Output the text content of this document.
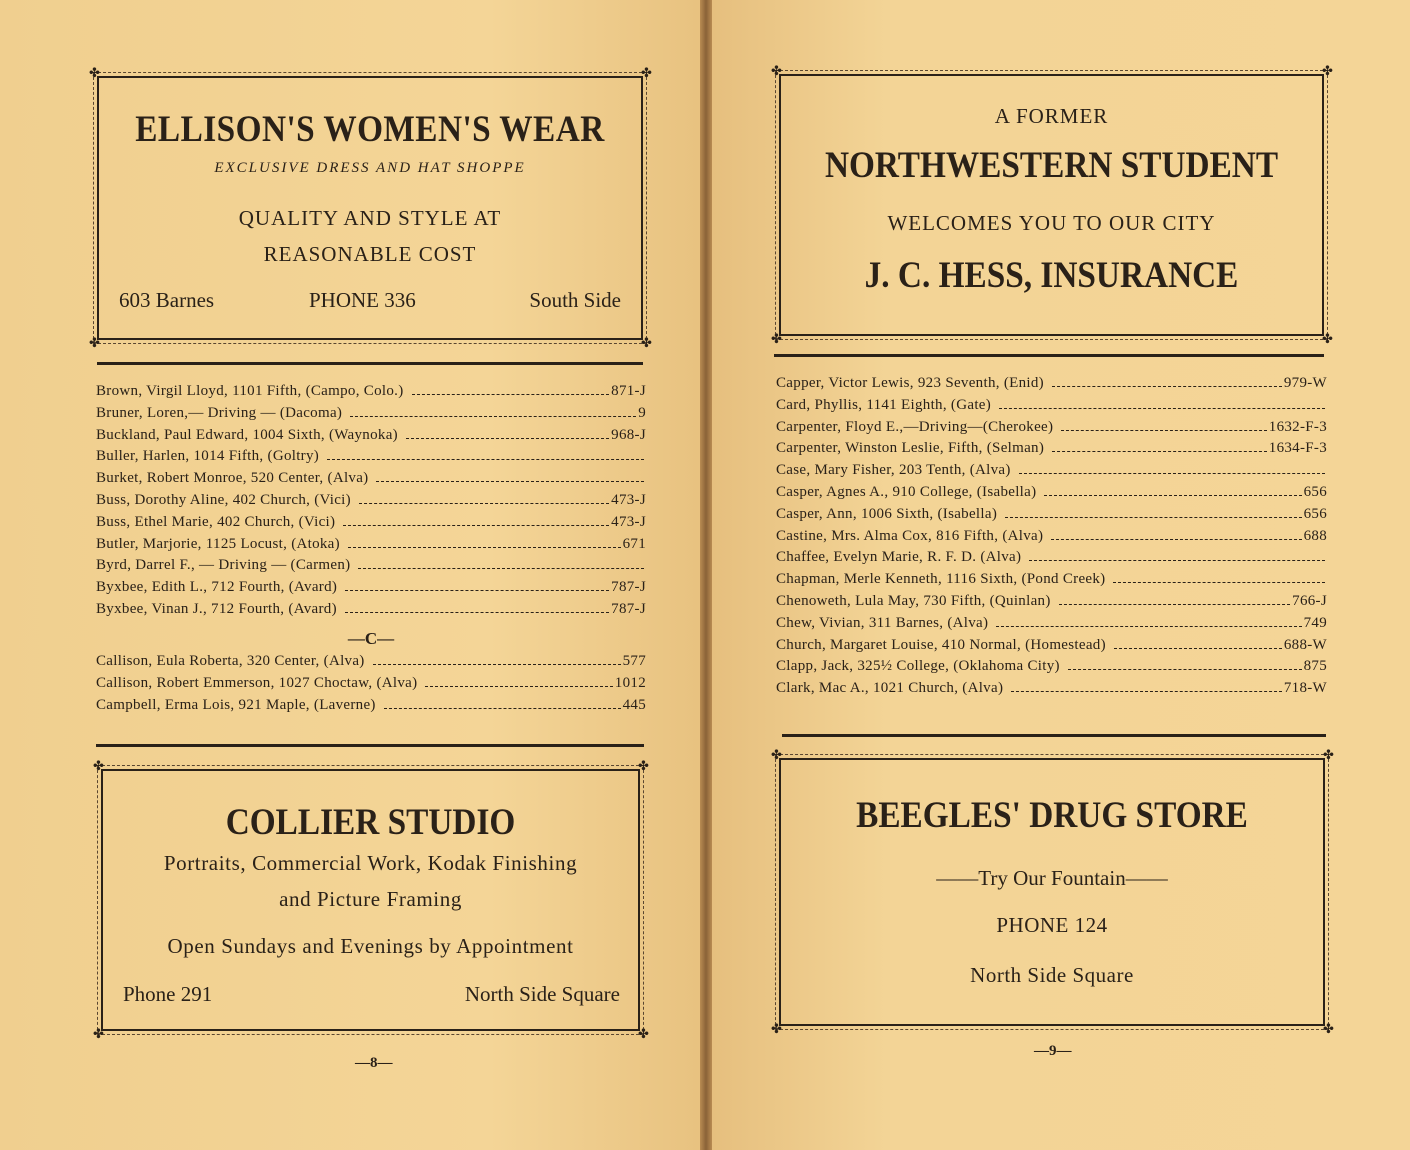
✤	✤
✤	✤
ELLISON'S WOMEN'S WEAR
EXCLUSIVE DRESS AND HAT SHOPPE
QUALITY AND STYLE AT
REASONABLE COST
603 Barnes	PHONE 336	South Side
Brown, Virgil Lloyd, 1101 Fifth, (Campo, Colo.)	871-J
Bruner, Loren,— Driving — (Dacoma)	9
Buckland, Paul Edward, 1004 Sixth, (Waynoka)	968-J
Buller, Harlen, 1014 Fifth, (Goltry)
Burket, Robert Monroe, 520 Center, (Alva)
Buss, Dorothy Aline, 402 Church, (Vici)	473-J
Buss, Ethel Marie, 402 Church, (Vici)	473-J
Butler, Marjorie, 1125 Locust, (Atoka)	671
Byrd, Darrel F., — Driving — (Carmen)
Byxbee, Edith L., 712 Fourth, (Avard)	787-J
Byxbee, Vinan J., 712 Fourth, (Avard)	787-J
—C—
Callison, Eula Roberta, 320 Center, (Alva)	577
Callison, Robert Emmerson, 1027 Choctaw, (Alva)	1012
Campbell, Erma Lois, 921 Maple, (Laverne)	445
✤	✤
✤	✤
COLLIER STUDIO
Portraits, Commercial Work, Kodak Finishing
and Picture Framing
Open Sundays and Evenings by Appointment
Phone 291	North Side Square
—8—
✤	✤
✤	✤
A FORMER
NORTHWESTERN STUDENT
WELCOMES YOU TO OUR CITY
J. C. HESS, INSURANCE
Capper, Victor Lewis, 923 Seventh, (Enid)	979-W
Card, Phyllis, 1141 Eighth, (Gate)
Carpenter, Floyd E.,—Driving—(Cherokee)	1632-F-3
Carpenter, Winston Leslie, Fifth, (Selman)	1634-F-3
Case, Mary Fisher, 203 Tenth, (Alva)
Casper, Agnes A., 910 College, (Isabella)	656
Casper, Ann, 1006 Sixth, (Isabella)	656
Castine, Mrs. Alma Cox, 816 Fifth, (Alva)	688
Chaffee, Evelyn Marie, R. F. D. (Alva)
Chapman, Merle Kenneth, 1116 Sixth, (Pond Creek)
Chenoweth, Lula May, 730 Fifth, (Quinlan)	766-J
Chew, Vivian, 311 Barnes, (Alva)	749
Church, Margaret Louise, 410 Normal, (Homestead)	688-W
Clapp, Jack, 325½ College, (Oklahoma City)	875
Clark, Mac A., 1021 Church, (Alva)	718-W
✤	✤
✤	✤
BEEGLES' DRUG STORE
——Try Our Fountain——
PHONE 124
North Side Square
—9—
